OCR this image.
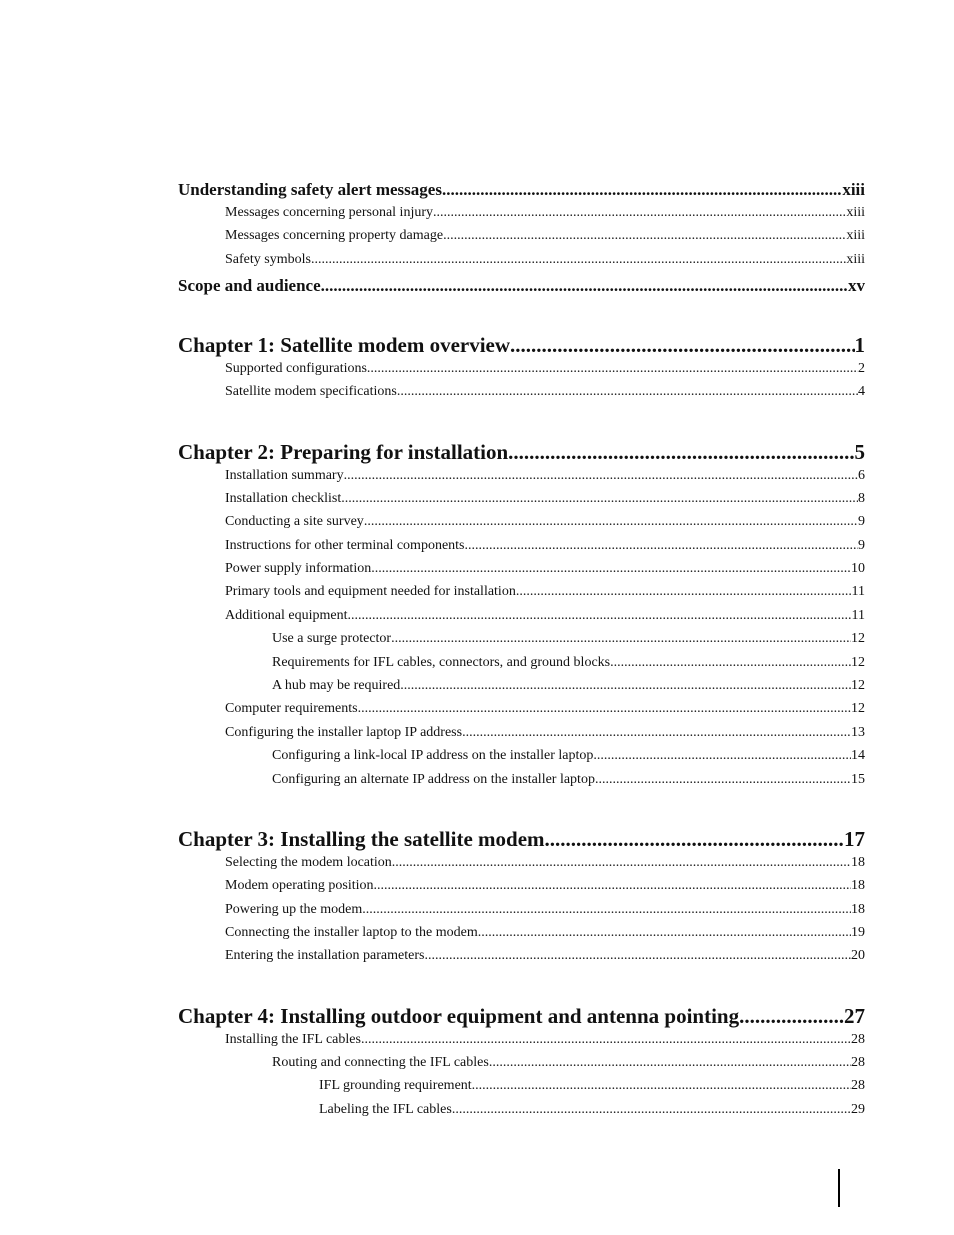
Understanding safety alert messages .....	xiii
Messages concerning personal injury .....	xiii
Messages concerning property damage .....	xiii
Safety symbols .....	xiii
Scope and audience .....	xv
Chapter 1: Satellite modem overview .....	1
Supported configurations .....	2
Satellite modem specifications .....	4
Chapter 2: Preparing for installation .....	5
Installation summary .....	6
Installation checklist .....	8
Conducting a site survey .....	9
Instructions for other terminal components .....	9
Power supply information .....	10
Primary tools and equipment needed for installation .....	11
Additional equipment .....	11
Use a surge protector .....	12
Requirements for IFL cables, connectors, and ground blocks .....	12
A hub may be required .....	12
Computer requirements .....	12
Configuring the installer laptop IP address .....	13
Configuring a link-local IP address on the installer laptop .....	14
Configuring an alternate IP address on the installer laptop .....	15
Chapter 3: Installing the satellite modem .....	17
Selecting the modem location .....	18
Modem operating position .....	18
Powering up the modem .....	18
Connecting the installer laptop to the modem .....	19
Entering the installation parameters .....	20
Chapter 4: Installing outdoor equipment and antenna pointing .....	27
Installing the IFL cables .....	28
Routing and connecting the IFL cables .....	28
IFL grounding requirement .....	28
Labeling the IFL cables .....	29
